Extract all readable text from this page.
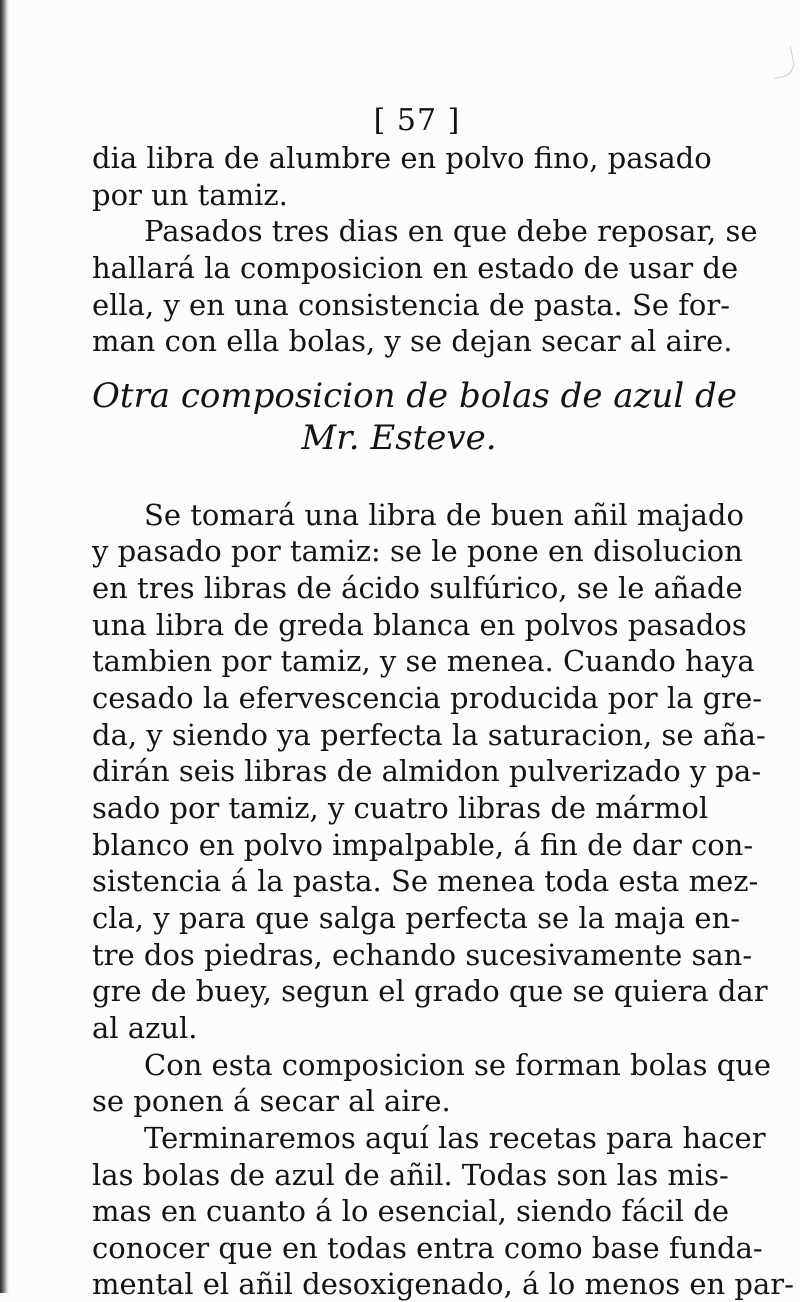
[ 57 ]
dia libra de alumbre en polvo fino, pasado
por un tamiz.
Pasados tres dias en que debe reposar, se
hallará la composicion en estado de usar de
ella, y en una consistencia de pasta. Se for-
man con ella bolas, y se dejan secar al aire.
Otra composicion de bolas de azul de
Mr. Esteve.
Se tomará una libra de buen añil majado
y pasado por tamiz: se le pone en disolucion
en tres libras de ácido sulfúrico, se le añade
una libra de greda blanca en polvos pasados
tambien por tamiz, y se menea. Cuando haya
cesado la efervescencia producida por la gre-
da, y siendo ya perfecta la saturacion, se aña-
dirán seis libras de almidon pulverizado y pa-
sado por tamiz, y cuatro libras de mármol
blanco en polvo impalpable, á fin de dar con-
sistencia á la pasta. Se menea toda esta mez-
cla, y para que salga perfecta se la maja en-
tre dos piedras, echando sucesivamente san-
gre de buey, segun el grado que se quiera dar
al azul.
Con esta composicion se forman bolas que
se ponen á secar al aire.
Terminaremos aquí las recetas para hacer
las bolas de azul de añil. Todas son las mis-
mas en cuanto á lo esencial, siendo fácil de
conocer que en todas entra como base funda-
mental el añil desoxigenado, á lo menos en par-
